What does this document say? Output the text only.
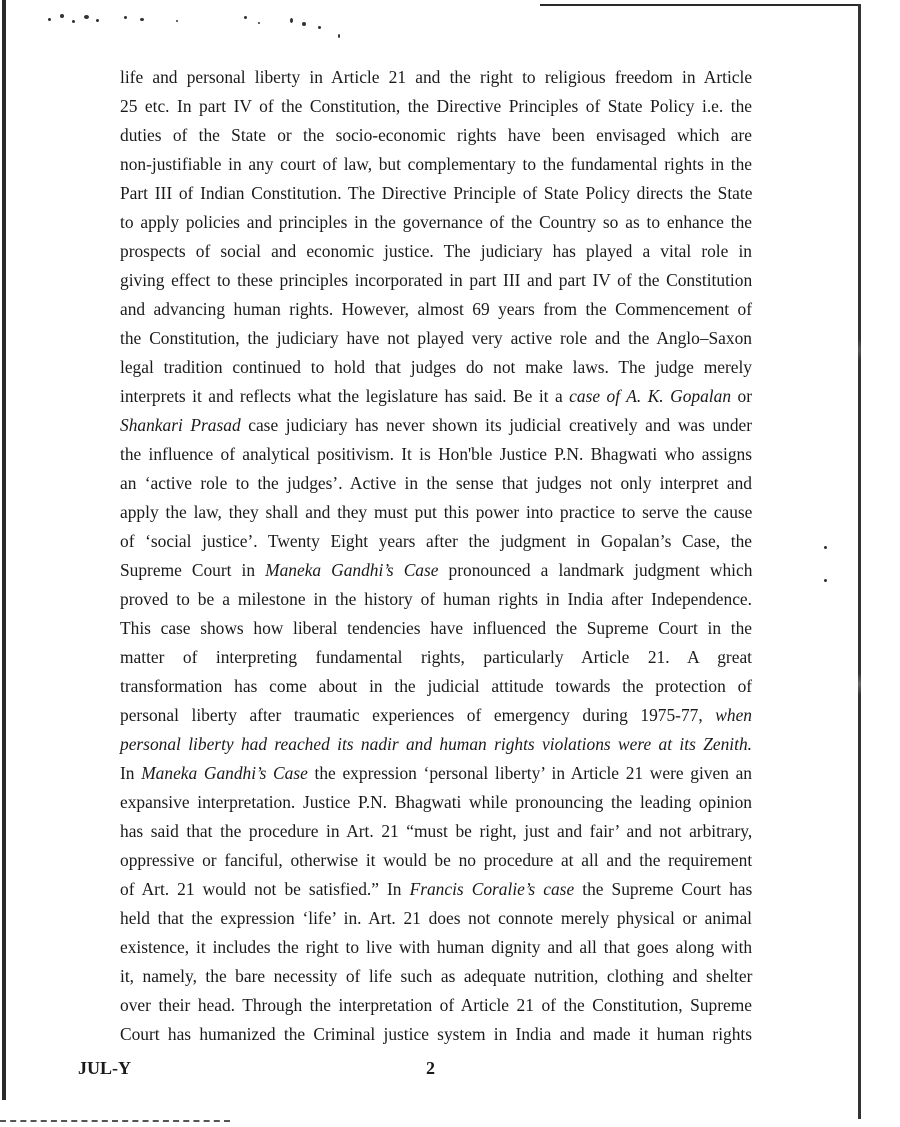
life and personal liberty in Article 21 and the right to religious freedom in Article
25 etc. In part IV of the Constitution, the Directive Principles of State Policy i.e. the
duties of the State or the socio-economic rights have been envisaged which are
non-justifiable in any court of law, but complementary to the fundamental rights in the
Part III of Indian Constitution. The Directive Principle of State Policy directs the State
to apply policies and principles in the governance of the Country so as to enhance the
prospects of social and economic justice. The judiciary has played a vital role in
giving effect to these principles incorporated in part III and part IV of the Constitution
and advancing human rights. However, almost 69 years from the Commencement of
the Constitution, the judiciary have not played very active role and the Anglo–Saxon
legal tradition continued to hold that judges do not make laws. The judge merely
interprets it and reflects what the legislature has said. Be it a case of A. K. Gopalan or
Shankari Prasad case judiciary has never shown its judicial creatively and was under
the influence of analytical positivism. It is Hon'ble Justice P.N. Bhagwati who assigns
an ‘active role to the judges’. Active in the sense that judges not only interpret and
apply the law, they shall and they must put this power into practice to serve the cause
of ‘social justice’. Twenty Eight years after the judgment in Gopalan’s Case, the
Supreme Court in Maneka Gandhi’s Case pronounced a landmark judgment which
proved to be a milestone in the history of human rights in India after Independence.
This case shows how liberal tendencies have influenced the Supreme Court in the
matter of interpreting fundamental rights, particularly Article 21. A great
transformation has come about in the judicial attitude towards the protection of
personal liberty after traumatic experiences of emergency during 1975-77, when
personal liberty had reached its nadir and human rights violations were at its Zenith.
In Maneka Gandhi’s Case the expression ‘personal liberty’ in Article 21 were given an
expansive interpretation. Justice P.N. Bhagwati while pronouncing the leading opinion
has said that the procedure in Art. 21 “must be right, just and fair’ and not arbitrary,
oppressive or fanciful, otherwise it would be no procedure at all and the requirement
of Art. 21 would not be satisfied.” In Francis Coralie’s case the Supreme Court has
held that the expression ‘life’ in. Art. 21 does not connote merely physical or animal
existence, it includes the right to live with human dignity and all that goes along with
it, namely, the bare necessity of life such as adequate nutrition, clothing and shelter
over their head. Through the interpretation of Article 21 of the Constitution, Supreme
Court has humanized the Criminal justice system in India and made it human rights
JUL-Y	2
